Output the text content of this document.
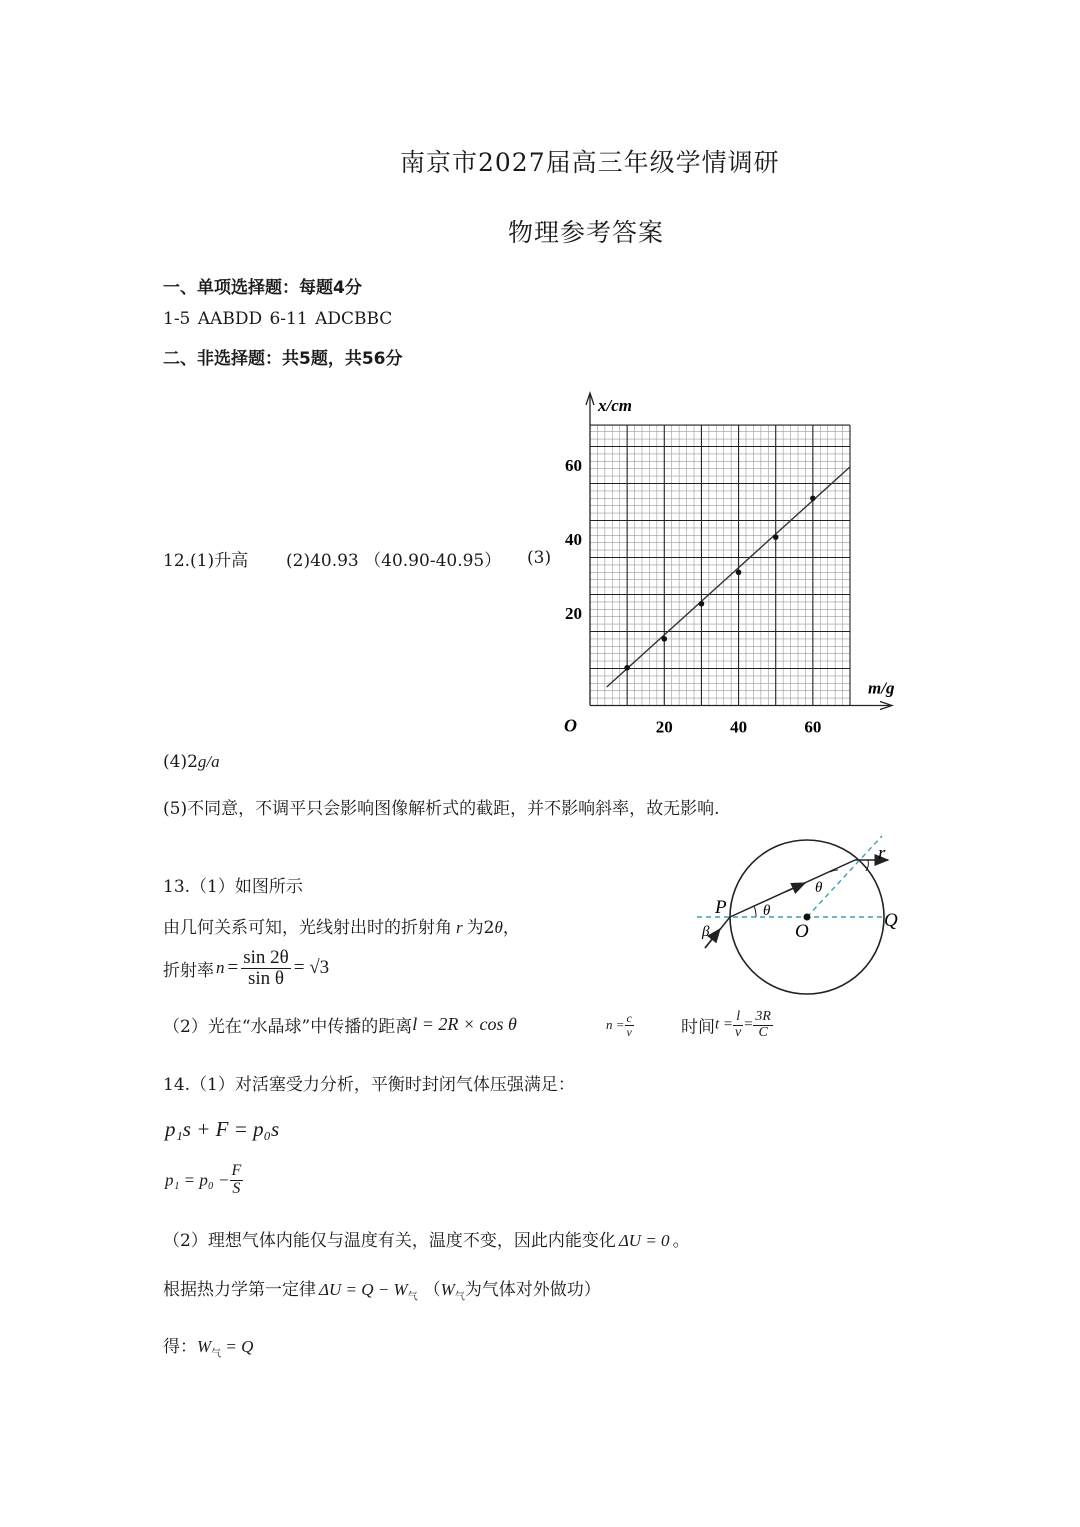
南京市2027届高三年级学情调研
物理参考答案
一、单项选择题：每题4分
1-5 AABDD 6-11 ADCBBC
二、非选择题：共5题，共56分
12.(1)升高 (2)40.93 （40.90-40.95） (3)
20	40	60
20
40
60
x/cm
m/g
O
(4)2g/a
(5)不同意，不调平只会影响图像解析式的截距，并不影响斜率，故无影响.
13.（1）如图所示
由几何关系可知，光线射出时的折射角 r 为2θ，
折射率 $n = \frac{\sin 2\theta}{\text{sin θ}} = √3$
（2）光在“水晶球”中传播的距离l = 2R × cos θ	$n = \frac{c}{v}$	时间$t = \frac{l}{v} = \frac{3R}{C}$
P
O
Q
r
θ
θ
β
14.（1）对活塞受力分析，平衡时封闭气体压强满足：
p₁s + F = p₀s
$p_1 = p_0 - \frac{F}{S}$
（2）理想气体内能仅与温度有关，温度不变，因此内能变化 ΔU = 0 。
根据热力学第一定律 $\Delta U = Q - W_气$ （$W_气$为气体对外做功）
得：$W_气 = Q$
